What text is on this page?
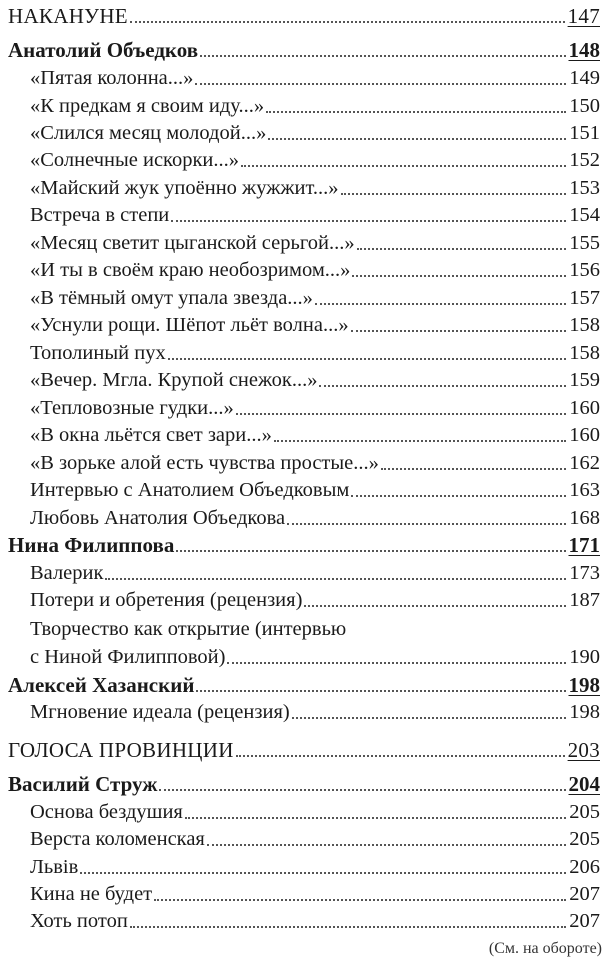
НАКАНУНЕ	147
Анатолий Объедков	148
«Пятая колонна...»	149
«К предкам я своим иду...»	150
«Слился месяц молодой...»	151
«Солнечные искорки...»	152
«Майский жук упоённо жужжит...»	153
Встреча в степи	154
«Месяц светит цыганской серьгой...»	155
«И ты в своём краю необозримом...»	156
«В тёмный омут упала звезда...»	157
«Уснули рощи. Шёпот льёт волна...»	158
Тополиный пух	158
«Вечер. Мгла. Крупой снежок...»	159
«Тепловозные гудки...»	160
«В окна льётся свет зари...»	160
«В зорьке алой есть чувства простые...»	162
Интервью с Анатолием Объедковым	163
Любовь Анатолия Объедкова	168
Нина Филиппова	171
Валерик	173
Потери и обретения (рецензия)	187
Творчество как открытие (интервью
с Ниной Филипповой)	190
Алексей Хазанский	198
Мгновение идеала (рецензия)	198
ГОЛОСА ПРОВИНЦИИ	203
Василий Струж	204
Основа бездушия	205
Верста коломенская	205
Львiв	206
Кина не будет	207
Хоть потоп	207
(См. на обороте)
